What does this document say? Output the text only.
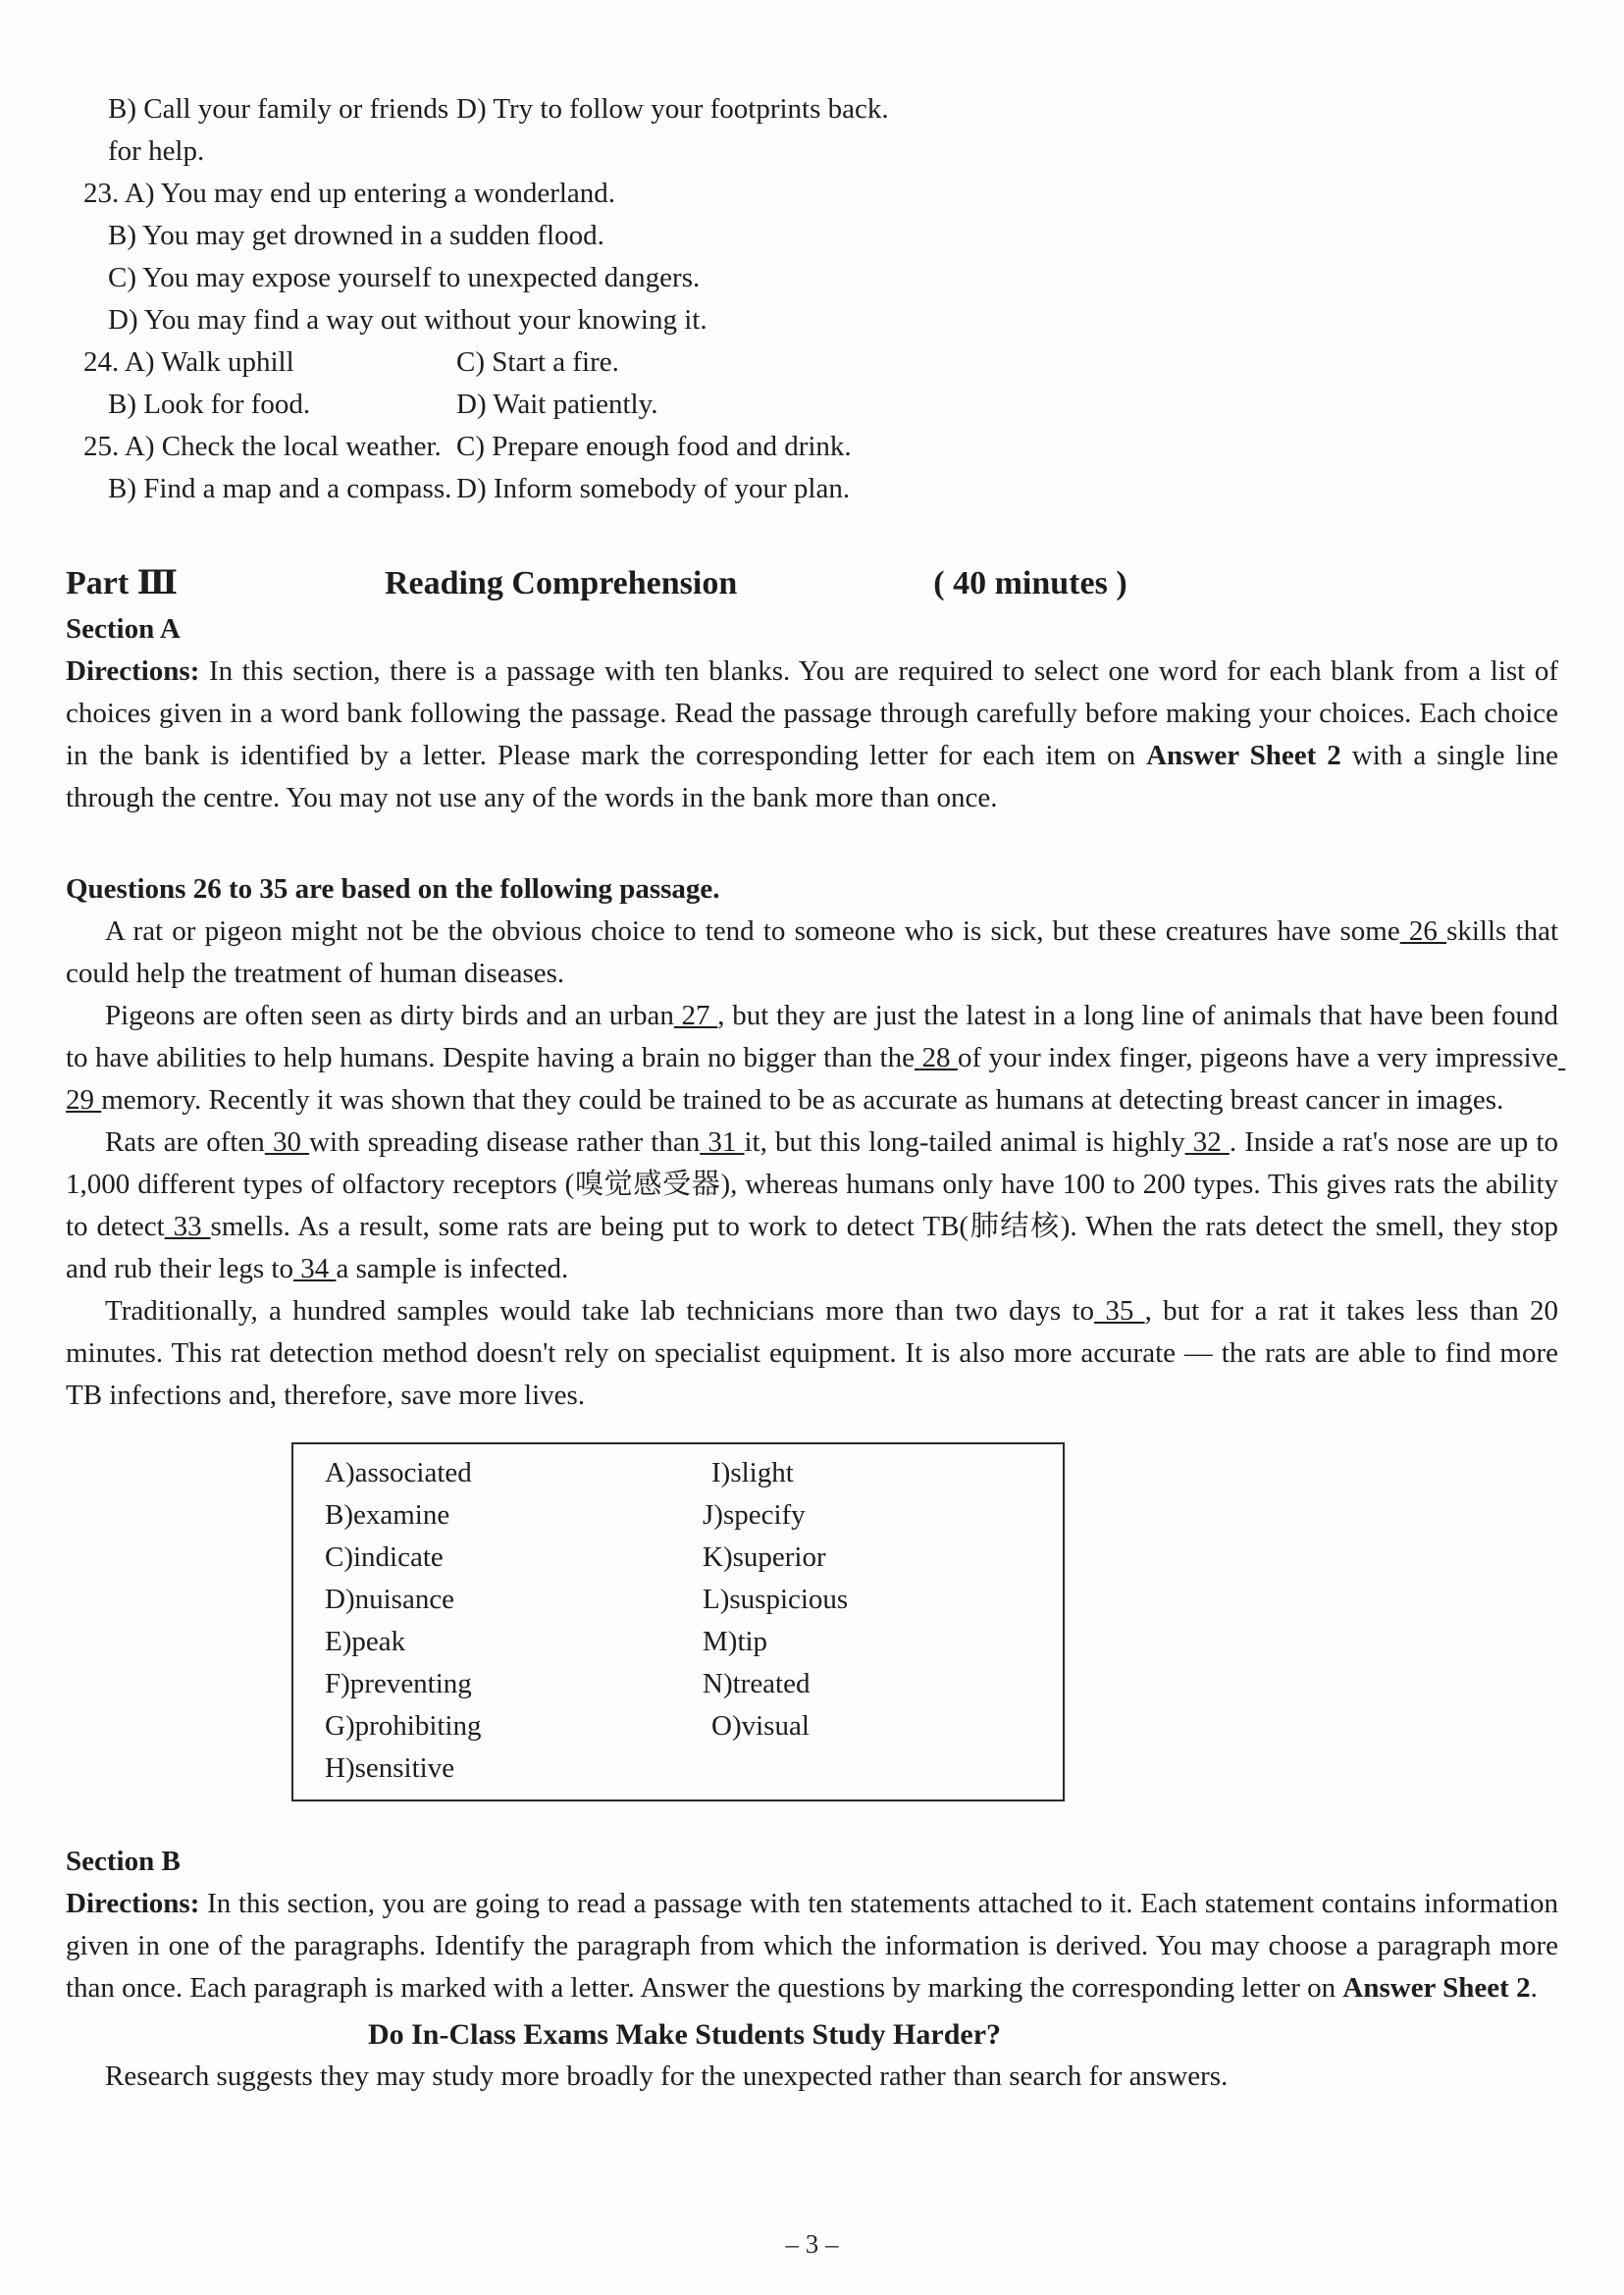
B) Call your family or friends for help.
D) Try to follow your footprints back.
23. A) You may end up entering a wonderland.
B) You may get drowned in a sudden flood.
C) You may expose yourself to unexpected dangers.
D) You may find a way out without your knowing it.
24. A) Walk uphill	C) Start a fire.
B) Look for food.	D) Wait patiently.
25. A) Check the local weather. C) Prepare enough food and drink.
B) Find a map and a compass. D) Inform somebody of your plan.
Part Ⅲ	Reading Comprehension	( 40 minutes )
Section A

Directions: In this section, there is a passage with ten blanks. You are required to select one word for each blank from a list of choices given in a word bank following the passage. Read the passage through carefully before making your choices. Each choice in the bank is identified by a letter. Please mark the corresponding letter for each item on Answer Sheet 2 with a single line through the centre. You may not use any of the words in the bank more than once.

Questions 26 to 35 are based on the following passage.

A rat or pigeon might not be the obvious choice to tend to someone who is sick, but these creatures have some 26 skills that could help the treatment of human diseases.

Pigeons are often seen as dirty birds and an urban 27 , but they are just the latest in a long line of animals that have been found to have abilities to help humans. Despite having a brain no bigger than the 28 of your index finger, pigeons have a very impressive 29 memory. Recently it was shown that they could be trained to be as accurate as humans at detecting breast cancer in images.

Rats are often 30 with spreading disease rather than 31 it, but this long-tailed animal is highly 32 . Inside a rat's nose are up to 1,000 different types of olfactory receptors (嗅觉感受器), whereas humans only have 100 to 200 types. This gives rats the ability to detect 33 smells. As a result, some rats are being put to work to detect TB(肺结核). When the rats detect the smell, they stop and rub their legs to 34 a sample is infected.

Traditionally, a hundred samples would take lab technicians more than two days to 35 , but for a rat it takes less than 20 minutes. This rat detection method doesn't rely on specialist equipment. It is also more accurate — the rats are able to find more TB infections and, therefore, save more lives.

A)associated
B)examine
C)indicate
D)nuisance
E)peak
F)preventing
G)prohibiting
H)sensitive
I)slight
J)specify
K)superior
L)suspicious
M)tip
N)treated
O)visual
Section B

Directions: In this section, you are going to read a passage with ten statements attached to it. Each statement contains information given in one of the paragraphs. Identify the paragraph from which the information is derived. You may choose a paragraph more than once. Each paragraph is marked with a letter. Answer the questions by marking the corresponding letter on Answer Sheet 2.

Do In-Class Exams Make Students Study Harder?

Research suggests they may study more broadly for the unexpected rather than search for answers.

– 3 –
